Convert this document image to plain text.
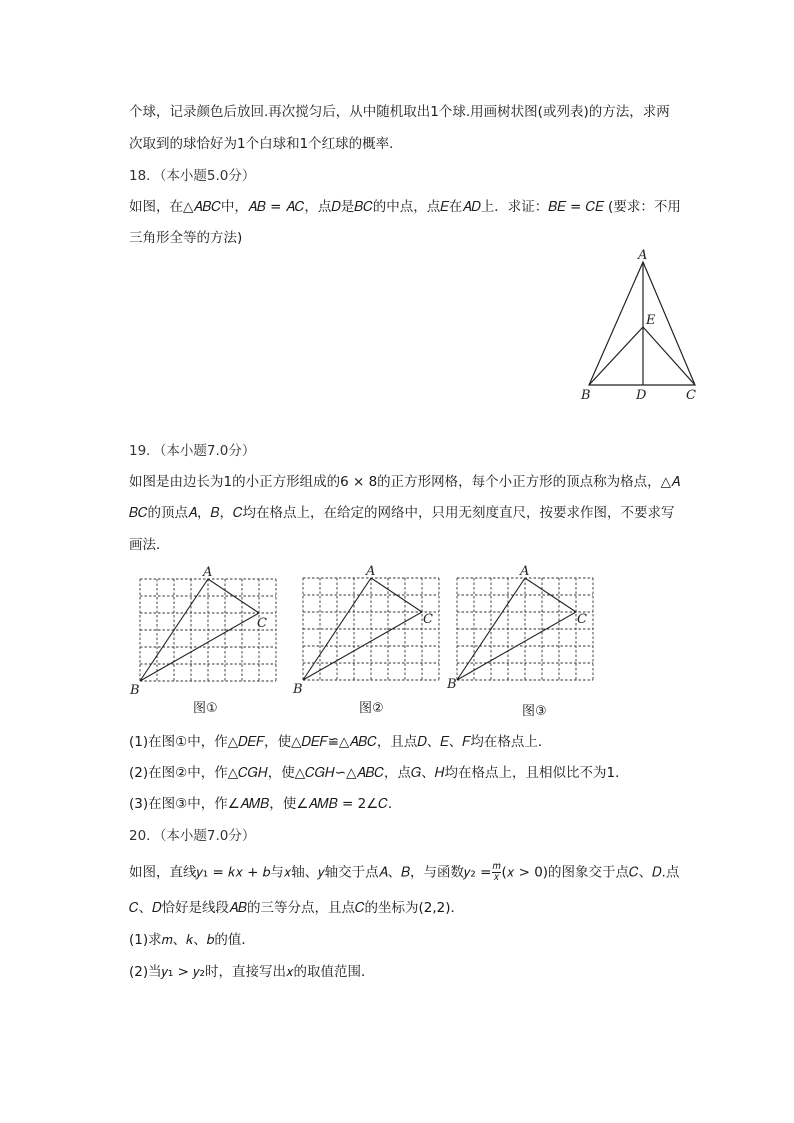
个球，记录颜色后放回.再次搅匀后，从中随机取出1个球.用画树状图(或列表)的方法，求两
次取到的球恰好为1个白球和1个红球的概率．
18．（本小题5.0分）
如图，在△𝐴𝐵𝐶中，𝐴𝐵 = 𝐴𝐶，点𝐷是𝐵𝐶的中点，点𝐸在𝐴𝐷上．求证：𝐵𝐸 = 𝐶𝐸 (要求：不用
三角形全等的方法)
A
E
B	D	C
19．（本小题7.0分）
如图是由边长为1的小正方形组成的6 × 8的正方形网格，每个小正方形的顶点称为格点，△𝐴
𝐵𝐶的顶点𝐴，𝐵，𝐶均在格点上，在给定的网络中，只用无刻度直尺，按要求作图，不要求写
画法．
A
B
C
图①
A
B
C
图②
A
B
C
图③
(1)在图①中，作△𝐷𝐸𝐹，使△𝐷𝐸𝐹≌△𝐴𝐵𝐶，且点𝐷、𝐸、𝐹均在格点上．
(2)在图②中，作△𝐶𝐺𝐻，使△𝐶𝐺𝐻∽△𝐴𝐵𝐶，点𝐺、𝐻均在格点上，且相似比不为1．
(3)在图③中，作∠𝐴𝑀𝐵，使∠𝐴𝑀𝐵 = 2∠𝐶．
20．（本小题7.0分）
如图，直线𝑦₁ = 𝑘𝑥 + 𝑏与𝑥轴、𝑦轴交于点𝐴、𝐵，与函数𝑦₂ = 𝑚
𝑥 (𝑥 > 0)的图象交于点𝐶、𝐷.点
𝐶、𝐷恰好是线段𝐴𝐵的三等分点，且点𝐶的坐标为(2,2)．
(1)求𝑚、𝑘、𝑏的值．
(2)当𝑦₁ > 𝑦₂时，直接写出𝑥的取值范围．
